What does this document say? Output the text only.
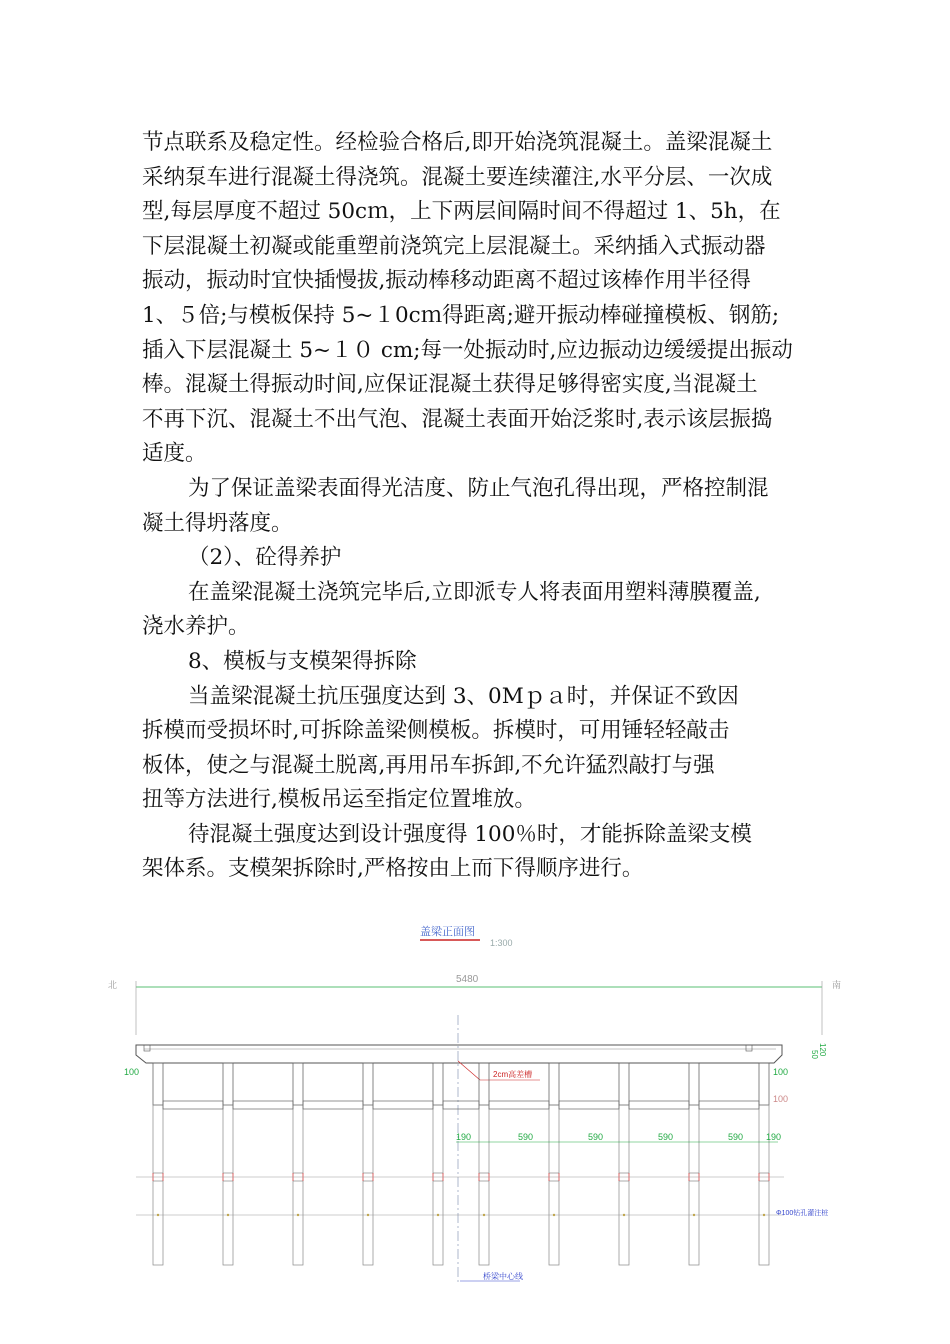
节点联系及稳定性。经检验合格后,即开始浇筑混凝土。盖梁混凝土
采纳泵车进行混凝土得浇筑。混凝土要连续灌注,水平分层、一次成
型,每层厚度不超过 50cｍ，上下两层间隔时间不得超过 1、5h，在
下层混凝土初凝或能重塑前浇筑完上层混凝土。采纳插入式振动器
振动，振动时宜快插慢拔,振动棒移动距离不超过该棒作用半径得
1、５倍;与模板保持 5~１0cｍ得距离;避开振动棒碰撞模板、钢筋;
插入下层混凝土 5~１０ cm;每一处振动时,应边振动边缓缓提出振动
棒。混凝土得振动时间,应保证混凝土获得足够得密实度,当混凝土
不再下沉、混凝土不出气泡、混凝土表面开始泛浆时,表示该层振捣
适度。
为了保证盖梁表面得光洁度、防止气泡孔得出现，严格控制混
凝土得坍落度。
（2）、砼得养护
在盖梁混凝土浇筑完毕后,立即派专人将表面用塑料薄膜覆盖,
浇水养护。
8、模板与支模架得拆除
当盖梁混凝土抗压强度达到 3、0Mｐａ时，并保证不致因
拆模而受损坏时,可拆除盖梁侧模板。拆模时，可用锤轻轻敲击
板体，使之与混凝土脱离,再用吊车拆卸,不允许猛烈敲打与强
扭等方法进行,模板吊运至指定位置堆放。
待混凝土强度达到设计强度得 100％时，才能拆除盖梁支模
架体系。支模架拆除时,严格按由上而下得顺序进行。
盖梁正面图
1:300
北	南
5480
桥梁中心线
2cm高差槽
120
50
100	100
100
190	590	590	590	590	190
Φ100钻孔灌注桩
